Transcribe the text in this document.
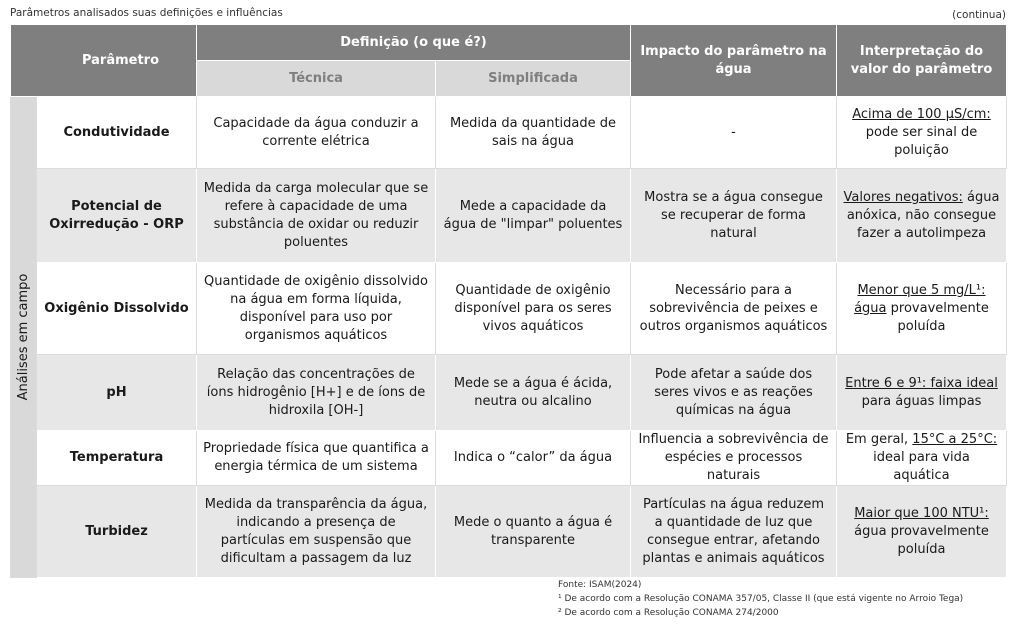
Parâmetros analisados suas definições e influências	(continua)
Parâmetro		Definição (o que é?)		Impacto do parâmetro na água	Interpretação do valor do parâmetro
		Técnica	Simplificada		

Análises em campo	Condutividade	Capacidade da água conduzir a corrente elétrica	Medida da quantidade de sais na água	-	Acima de 100 µS/cm: pode ser sinal de poluição
	Potencial de Oxirredução - ORP	Medida da carga molecular que se refere à capacidade de uma substância de oxidar ou reduzir poluentes	Mede a capacidade da água de "limpar" poluentes	Mostra se a água consegue se recuperar de forma natural	Valores negativos: água anóxica, não consegue fazer a autolimpeza
	Oxigênio Dissolvido	Quantidade de oxigênio dissolvido na água em forma líquida, disponível para uso por organismos aquáticos	Quantidade de oxigênio disponível para os seres vivos aquáticos	Necessário para a sobrevivência de peixes e outros organismos aquáticos	Menor que 5 mg/L¹: água provavelmente poluída
	pH	Relação das concentrações de íons hidrogênio [H+] e de íons de hidroxila [OH-]	Mede se a água é ácida, neutra ou alcalino	Pode afetar a saúde dos seres vivos e as reações químicas na água	Entre 6 e 9¹: faixa ideal para águas limpas
	Temperatura	Propriedade física que quantifica a energia térmica de um sistema	Indica o “calor” da água	Influencia a sobrevivência de espécies e processos naturais	Em geral, 15°C a 25°C: ideal para vida aquática
	Turbidez	Medida da transparência da água, indicando a presença de partículas em suspensão que dificultam a passagem da luz	Mede o quanto a água é transparente	Partículas na água reduzem a quantidade de luz que consegue entrar, afetando plantas e animais aquáticos	Maior que 100 NTU¹: água provavelmente poluída
Fonte: ISAM(2024)
¹ De acordo com a Resolução CONAMA 357/05, Classe II (que está vigente no Arroio Tega)
² De acordo com a Resolução CONAMA 274/2000
